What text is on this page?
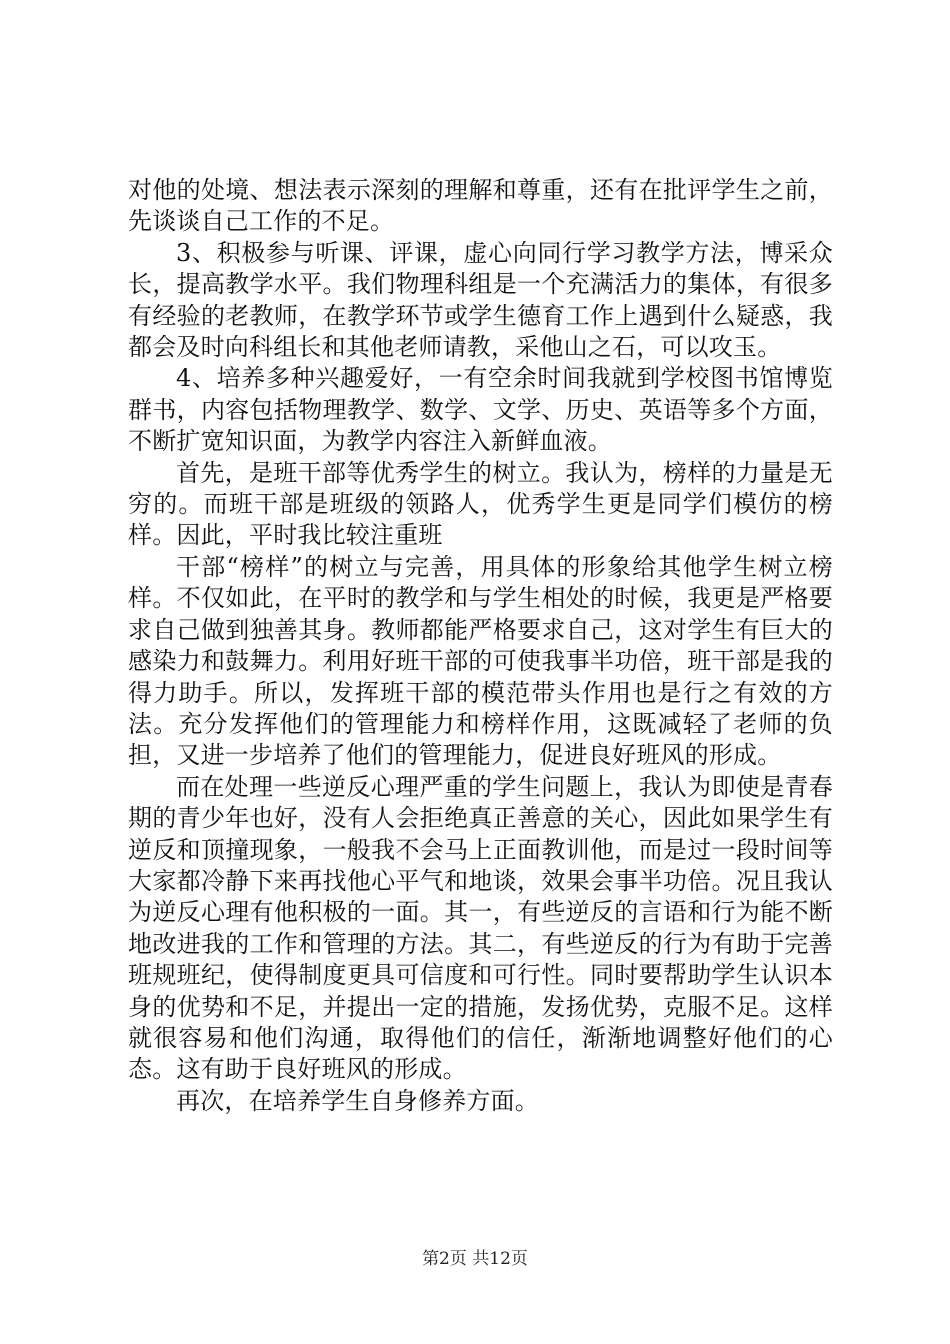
对他的处境、想法表示深刻的理解和尊重，还有在批评学生之前，先谈谈自己工作的不足。

3、积极参与听课、评课，虚心向同行学习教学方法，博采众长，提高教学水平。我们物理科组是一个充满活力的集体，有很多有经验的老教师，在教学环节或学生德育工作上遇到什么疑惑，我都会及时向科组长和其他老师请教，采他山之石，可以攻玉。

4、培养多种兴趣爱好，一有空余时间我就到学校图书馆博览群书，内容包括物理教学、数学、文学、历史、英语等多个方面，不断扩宽知识面，为教学内容注入新鲜血液。

首先，是班干部等优秀学生的树立。我认为，榜样的力量是无穷的。而班干部是班级的领路人，优秀学生更是同学们模仿的榜样。因此，平时我比较注重班

干部“榜样”的树立与完善，用具体的形象给其他学生树立榜样。不仅如此，在平时的教学和与学生相处的时候，我更是严格要求自己做到独善其身。教师都能严格要求自己，这对学生有巨大的感染力和鼓舞力。利用好班干部的可使我事半功倍，班干部是我的得力助手。所以，发挥班干部的模范带头作用也是行之有效的方法。充分发挥他们的管理能力和榜样作用，这既减轻了老师的负担，又进一步培养了他们的管理能力，促进良好班风的形成。

而在处理一些逆反心理严重的学生问题上，我认为即使是青春期的青少年也好，没有人会拒绝真正善意的关心，因此如果学生有逆反和顶撞现象，一般我不会马上正面教训他，而是过一段时间等大家都冷静下来再找他心平气和地谈，效果会事半功倍。况且我认为逆反心理有他积极的一面。其一，有些逆反的言语和行为能不断地改进我的工作和管理的方法。其二，有些逆反的行为有助于完善班规班纪，使得制度更具可信度和可行性。同时要帮助学生认识本身的优势和不足，并提出一定的措施，发扬优势，克服不足。这样就很容易和他们沟通，取得他们的信任，渐渐地调整好他们的心态。这有助于良好班风的形成。

再次，在培养学生自身修养方面。

第2页 共12页
